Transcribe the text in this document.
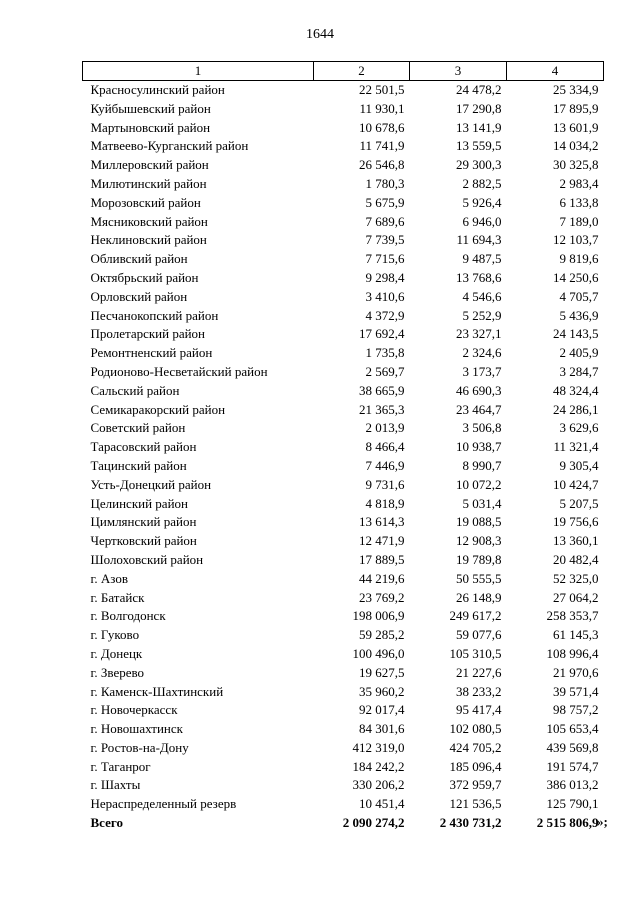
1644
1	2	3	4
Красносулинский район	22 501,5	24 478,2	25 334,9
Куйбышевский район	11 930,1	17 290,8	17 895,9
Мартыновский район	10 678,6	13 141,9	13 601,9
Матвеево-Курганский район	11 741,9	13 559,5	14 034,2
Миллеровский район	26 546,8	29 300,3	30 325,8
Милютинский район	1 780,3	2 882,5	2 983,4
Морозовский район	5 675,9	5 926,4	6 133,8
Мясниковский район	7 689,6	6 946,0	7 189,0
Неклиновский район	7 739,5	11 694,3	12 103,7
Обливский район	7 715,6	9 487,5	9 819,6
Октябрьский район	9 298,4	13 768,6	14 250,6
Орловский район	3 410,6	4 546,6	4 705,7
Песчанокопский район	4 372,9	5 252,9	5 436,9
Пролетарский район	17 692,4	23 327,1	24 143,5
Ремонтненский район	1 735,8	2 324,6	2 405,9
Родионово-Несветайский район	2 569,7	3 173,7	3 284,7
Сальский район	38 665,9	46 690,3	48 324,4
Семикаракорский район	21 365,3	23 464,7	24 286,1
Советский район	2 013,9	3 506,8	3 629,6
Тарасовский район	8 466,4	10 938,7	11 321,4
Тацинский район	7 446,9	8 990,7	9 305,4
Усть-Донецкий район	9 731,6	10 072,2	10 424,7
Целинский район	4 818,9	5 031,4	5 207,5
Цимлянский район	13 614,3	19 088,5	19 756,6
Чертковский район	12 471,9	12 908,3	13 360,1
Шолоховский район	17 889,5	19 789,8	20 482,4
г. Азов	44 219,6	50 555,5	52 325,0
г. Батайск	23 769,2	26 148,9	27 064,2
г. Волгодонск	198 006,9	249 617,2	258 353,7
г. Гуково	59 285,2	59 077,6	61 145,3
г. Донецк	100 496,0	105 310,5	108 996,4
г. Зверево	19 627,5	21 227,6	21 970,6
г. Каменск-Шахтинский	35 960,2	38 233,2	39 571,4
г. Новочеркасск	92 017,4	95 417,4	98 757,2
г. Новошахтинск	84 301,6	102 080,5	105 653,4
г. Ростов-на-Дону	412 319,0	424 705,2	439 569,8
г. Таганрог	184 242,2	185 096,4	191 574,7
г. Шахты	330 206,2	372 959,7	386 013,2
Нераспределенный резерв	10 451,4	121 536,5	125 790,1
Всего	2 090 274,2	2 430 731,2	2 515 806,9
»;
